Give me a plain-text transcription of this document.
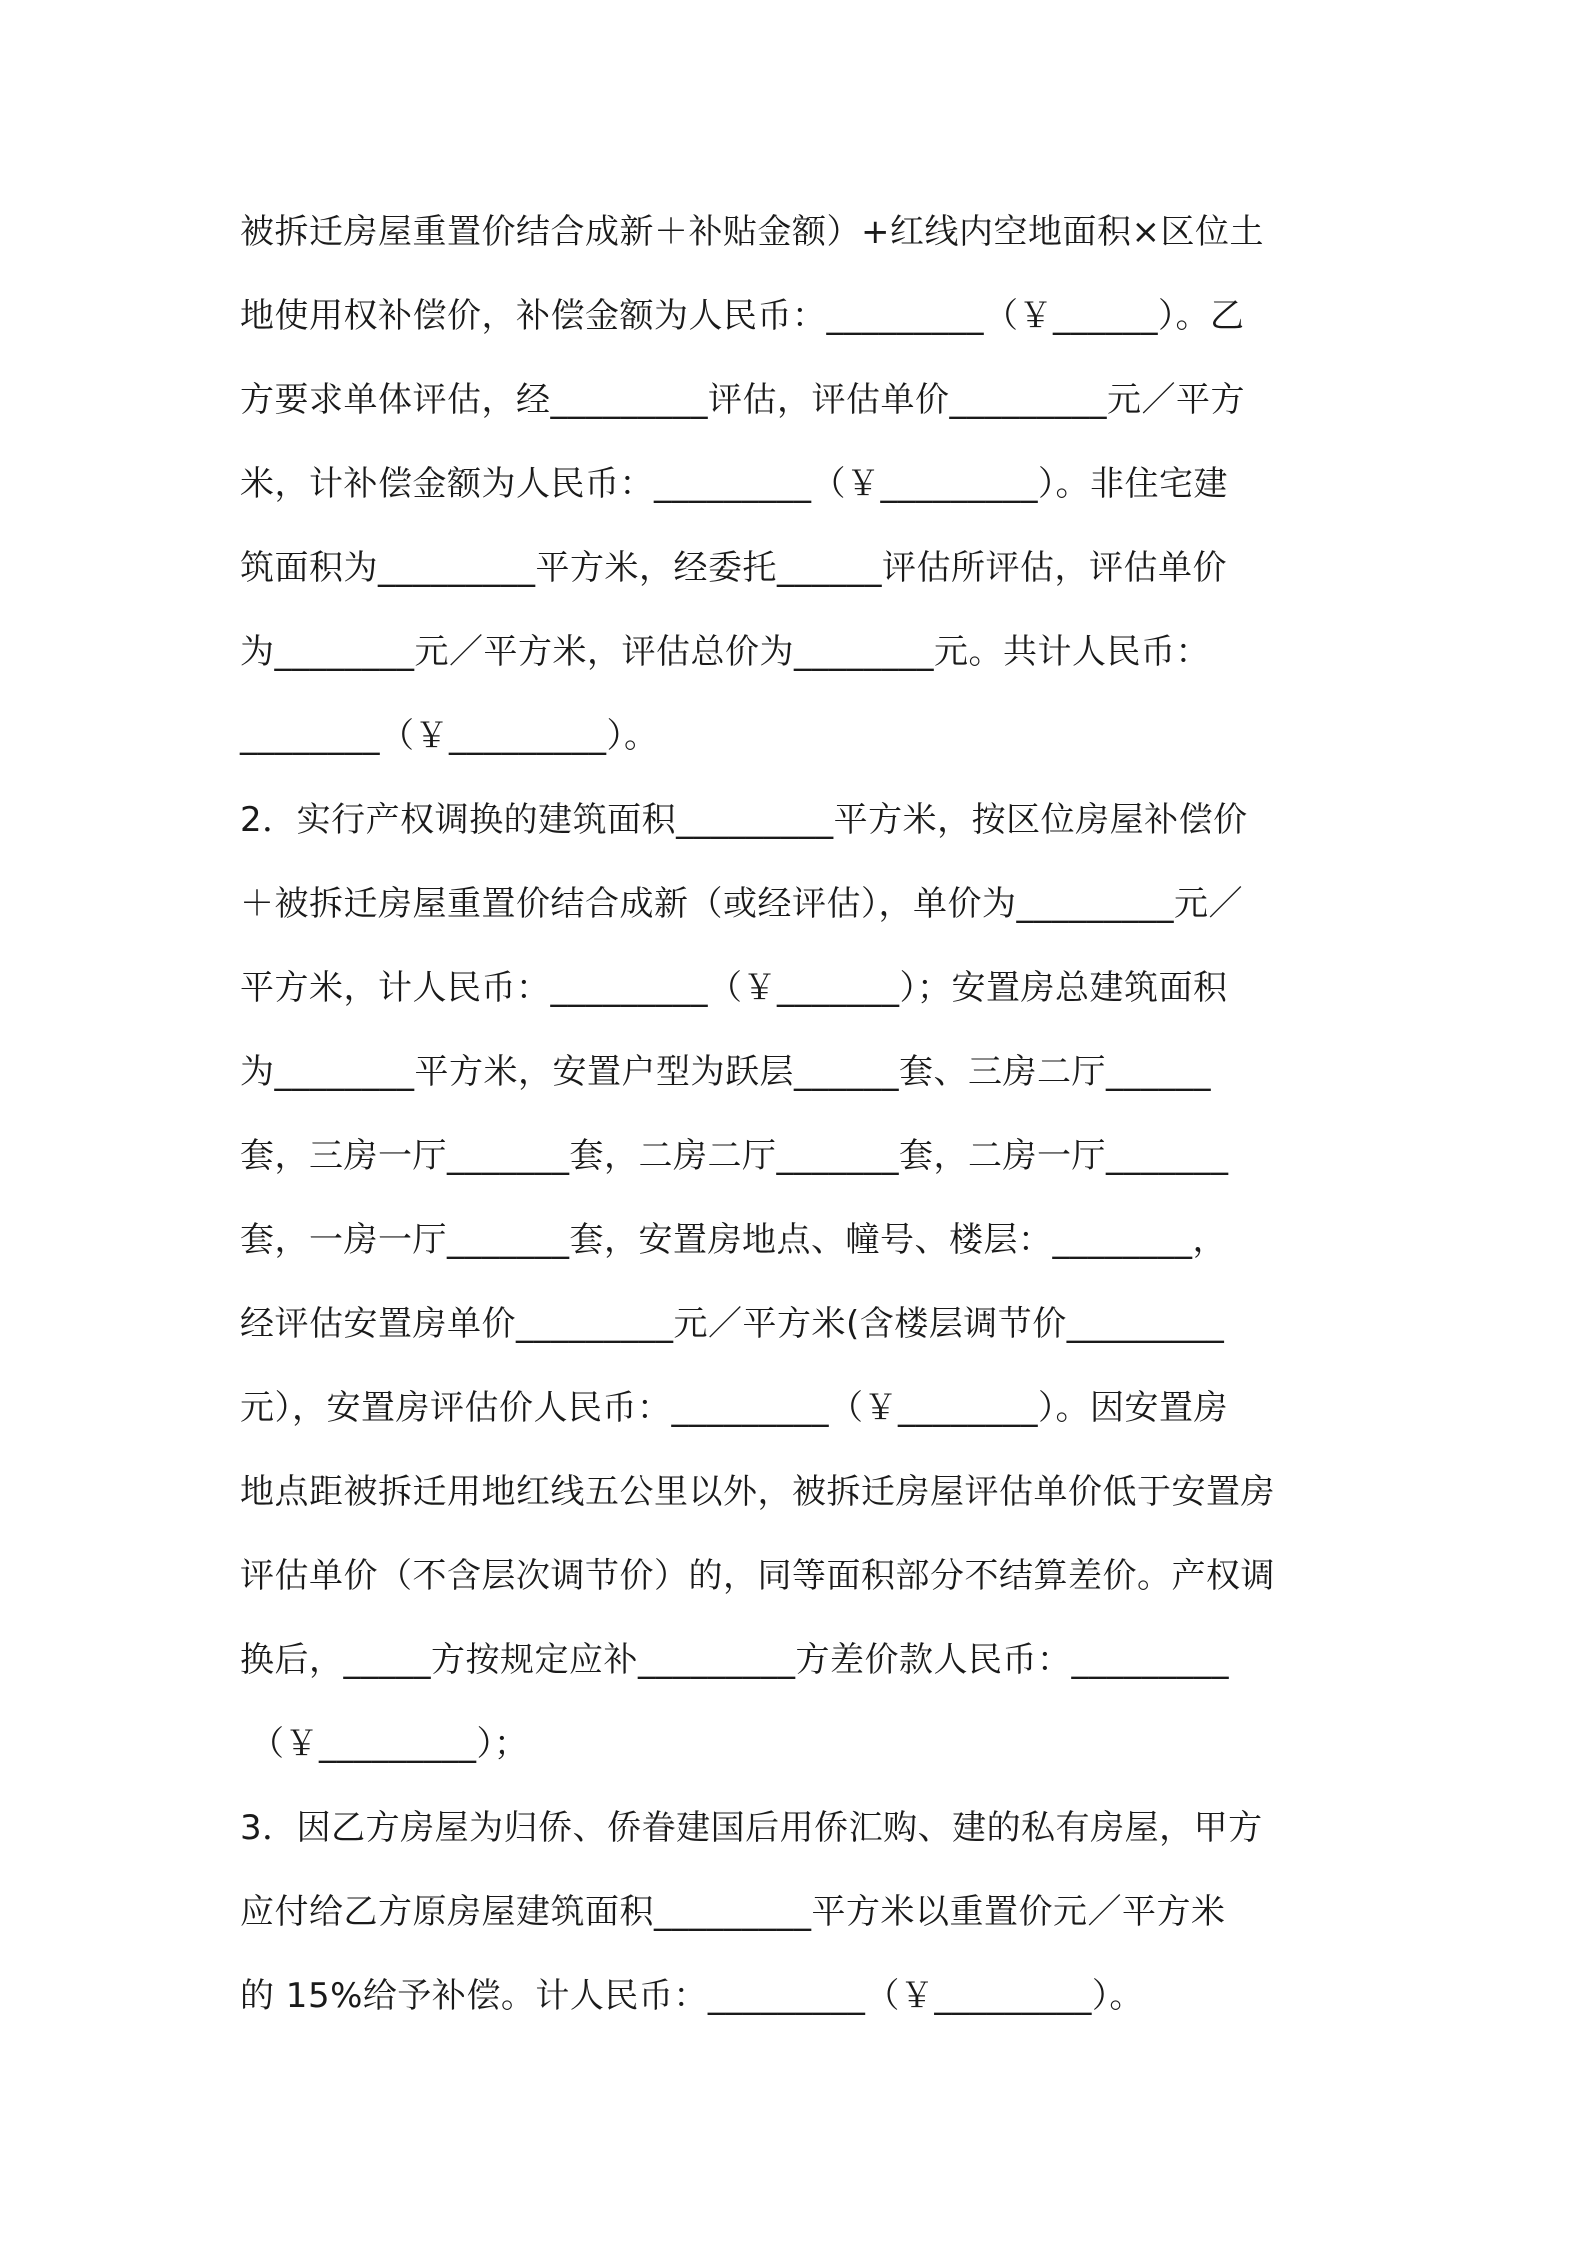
被拆迁房屋重置价结合成新＋补贴金额）+红线内空地面积×区位土
地使用权补偿价，补偿金额为人民币：_________（￥______）。乙
方要求单体评估，经_________评估，评估单价_________元／平方
米，计补偿金额为人民币：_________（￥_________）。非住宅建
筑面积为_________平方米，经委托______评估所评估，评估单价
为________元／平方米，评估总价为________元。共计人民币：
________（￥_________）。
2．实行产权调换的建筑面积_________平方米，按区位房屋补偿价
＋被拆迁房屋重置价结合成新（或经评估），单价为_________元／
平方米，计人民币：_________（￥_______）；安置房总建筑面积
为________平方米，安置户型为跃层______套、三房二厅______
套，三房一厅_______套，二房二厅_______套，二房一厅_______
套，一房一厅_______套，安置房地点、幢号、楼层：________，
经评估安置房单价_________元／平方米(含楼层调节价_________
元），安置房评估价人民币：_________（￥________）。因安置房
地点距被拆迁用地红线五公里以外，被拆迁房屋评估单价低于安置房
评估单价（不含层次调节价）的，同等面积部分不结算差价。产权调
换后，_____方按规定应补_________方差价款人民币：_________
（￥_________）；
3．因乙方房屋为归侨、侨眷建国后用侨汇购、建的私有房屋，甲方
应付给乙方原房屋建筑面积_________平方米以重置价元／平方米
的 15%给予补偿。计人民币：_________（￥_________）。
